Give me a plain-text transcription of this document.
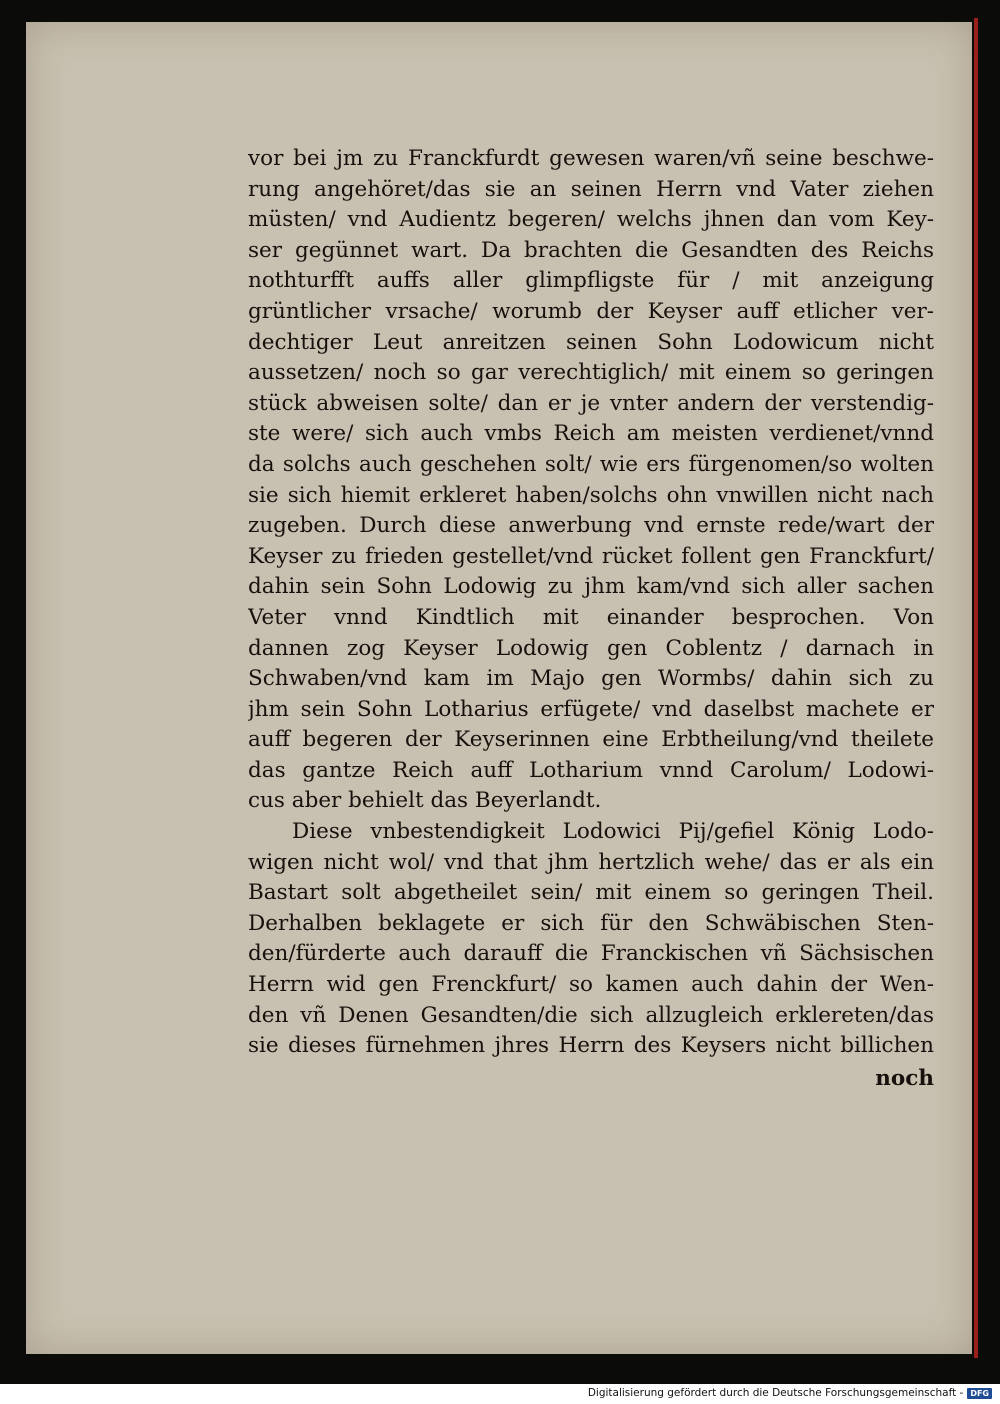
vor bei jm zu Franckfurdt gewesen waren/vñ seine beschwe-
rung angehöret/das sie an seinen Herrn vnd Vater ziehen
müsten/ vnd Audientz begeren/ welchs jhnen dan vom Key-
ser gegünnet wart. Da brachten die Gesandten des Reichs
nothturfft auffs aller glimpfligste für / mit anzeigung
grüntlicher vrsache/ worumb der Keyser auff etlicher ver-
dechtiger Leut anreitzen seinen Sohn Lodowicum nicht
aussetzen/ noch so gar verechtiglich/ mit einem so geringen
stück abweisen solte/ dan er je vnter andern der verstendig-
ste were/ sich auch vmbs Reich am meisten verdienet/vnnd
da solchs auch geschehen solt/ wie ers fürgenomen/so wolten
sie sich hiemit erkleret haben/solchs ohn vnwillen nicht nach
zugeben. Durch diese anwerbung vnd ernste rede/wart der
Keyser zu frieden gestellet/vnd rücket follent gen Franckfurt/
dahin sein Sohn Lodowig zu jhm kam/vnd sich aller sachen
Veter vnnd Kindtlich mit einander besprochen. Von
dannen zog Keyser Lodowig gen Coblentz / darnach in
Schwaben/vnd kam im Majo gen Wormbs/ dahin sich zu
jhm sein Sohn Lotharius erfügete/ vnd daselbst machete er
auff begeren der Keyserinnen eine Erbtheilung/vnd theilete
das gantze Reich auff Lotharium vnnd Carolum/ Lodowi-
cus aber behielt das Beyerlandt.
Diese vnbestendigkeit Lodowici Pij/gefiel König Lodo-
wigen nicht wol/ vnd that jhm hertzlich wehe/ das er als ein
Bastart solt abgetheilet sein/ mit einem so geringen Theil.
Derhalben beklagete er sich für den Schwäbischen Sten-
den/fürderte auch darauff die Franckischen vñ Sächsischen
Herrn wid gen Frenckfurt/ so kamen auch dahin der Wen-
den vñ Denen Gesandten/die sich allzugleich erklereten/das
sie dieses fürnehmen jhres Herrn des Keysers nicht billichen
noch
Digitalisierung gefördert durch die Deutsche Forschungsgemeinschaft - DFG
